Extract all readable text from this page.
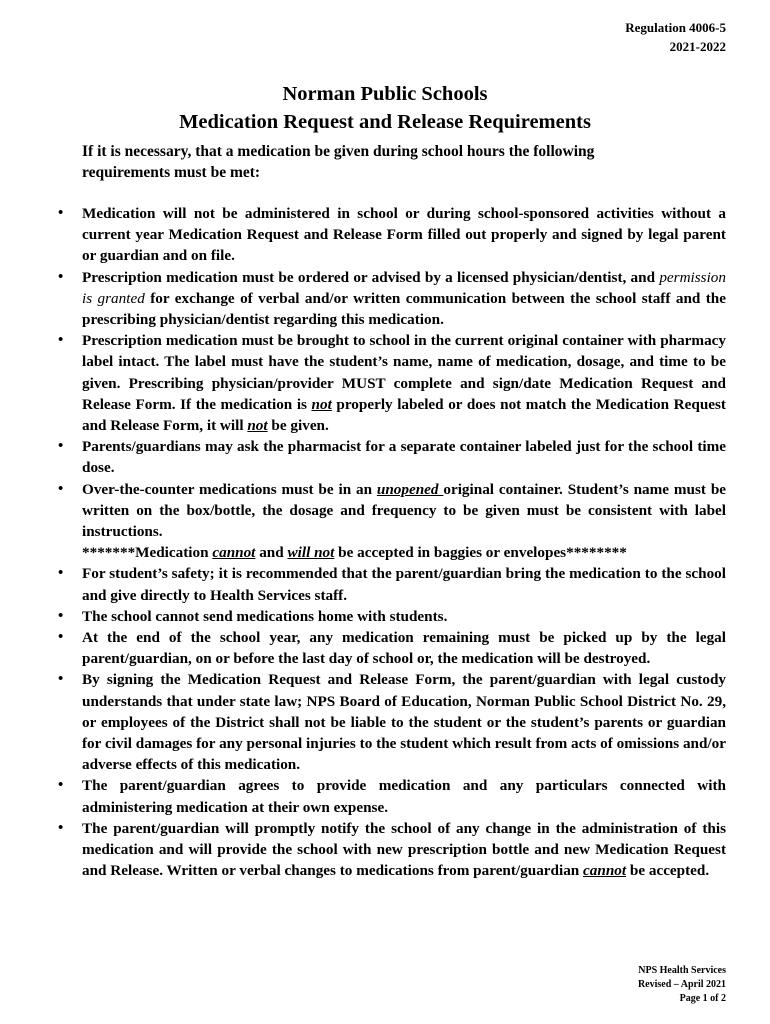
Regulation 4006-5
2021-2022
Norman Public Schools
Medication Request and Release Requirements
If it is necessary, that a medication be given during school hours the following requirements must be met:
• Medication will not be administered in school or during school-sponsored activities without a current year Medication Request and Release Form filled out properly and signed by legal parent or guardian and on file.
• Prescription medication must be ordered or advised by a licensed physician/dentist, and permission is granted for exchange of verbal and/or written communication between the school staff and the prescribing physician/dentist regarding this medication.
• Prescription medication must be brought to school in the current original container with pharmacy label intact. The label must have the student’s name, name of medication, dosage, and time to be given. Prescribing physician/provider MUST complete and sign/date Medication Request and Release Form. If the medication is not properly labeled or does not match the Medication Request and Release Form, it will not be given.
• Parents/guardians may ask the pharmacist for a separate container labeled just for the school time dose.
• Over-the-counter medications must be in an unopened original container. Student’s name must be written on the box/bottle, the dosage and frequency to be given must be consistent with label instructions.
*******Medication cannot and will not be accepted in baggies or envelopes********
• For student’s safety; it is recommended that the parent/guardian bring the medication to the school and give directly to Health Services staff.
• The school cannot send medications home with students.
• At the end of the school year, any medication remaining must be picked up by the legal parent/guardian, on or before the last day of school or, the medication will be destroyed.
• By signing the Medication Request and Release Form, the parent/guardian with legal custody understands that under state law; NPS Board of Education, Norman Public School District No. 29, or employees of the District shall not be liable to the student or the student’s parents or guardian for civil damages for any personal injuries to the student which result from acts of omissions and/or adverse effects of this medication.
• The parent/guardian agrees to provide medication and any particulars connected with administering medication at their own expense.
• The parent/guardian will promptly notify the school of any change in the administration of this medication and will provide the school with new prescription bottle and new Medication Request and Release. Written or verbal changes to medications from parent/guardian cannot be accepted.
NPS Health Services
Revised – April 2021
Page 1 of 2
